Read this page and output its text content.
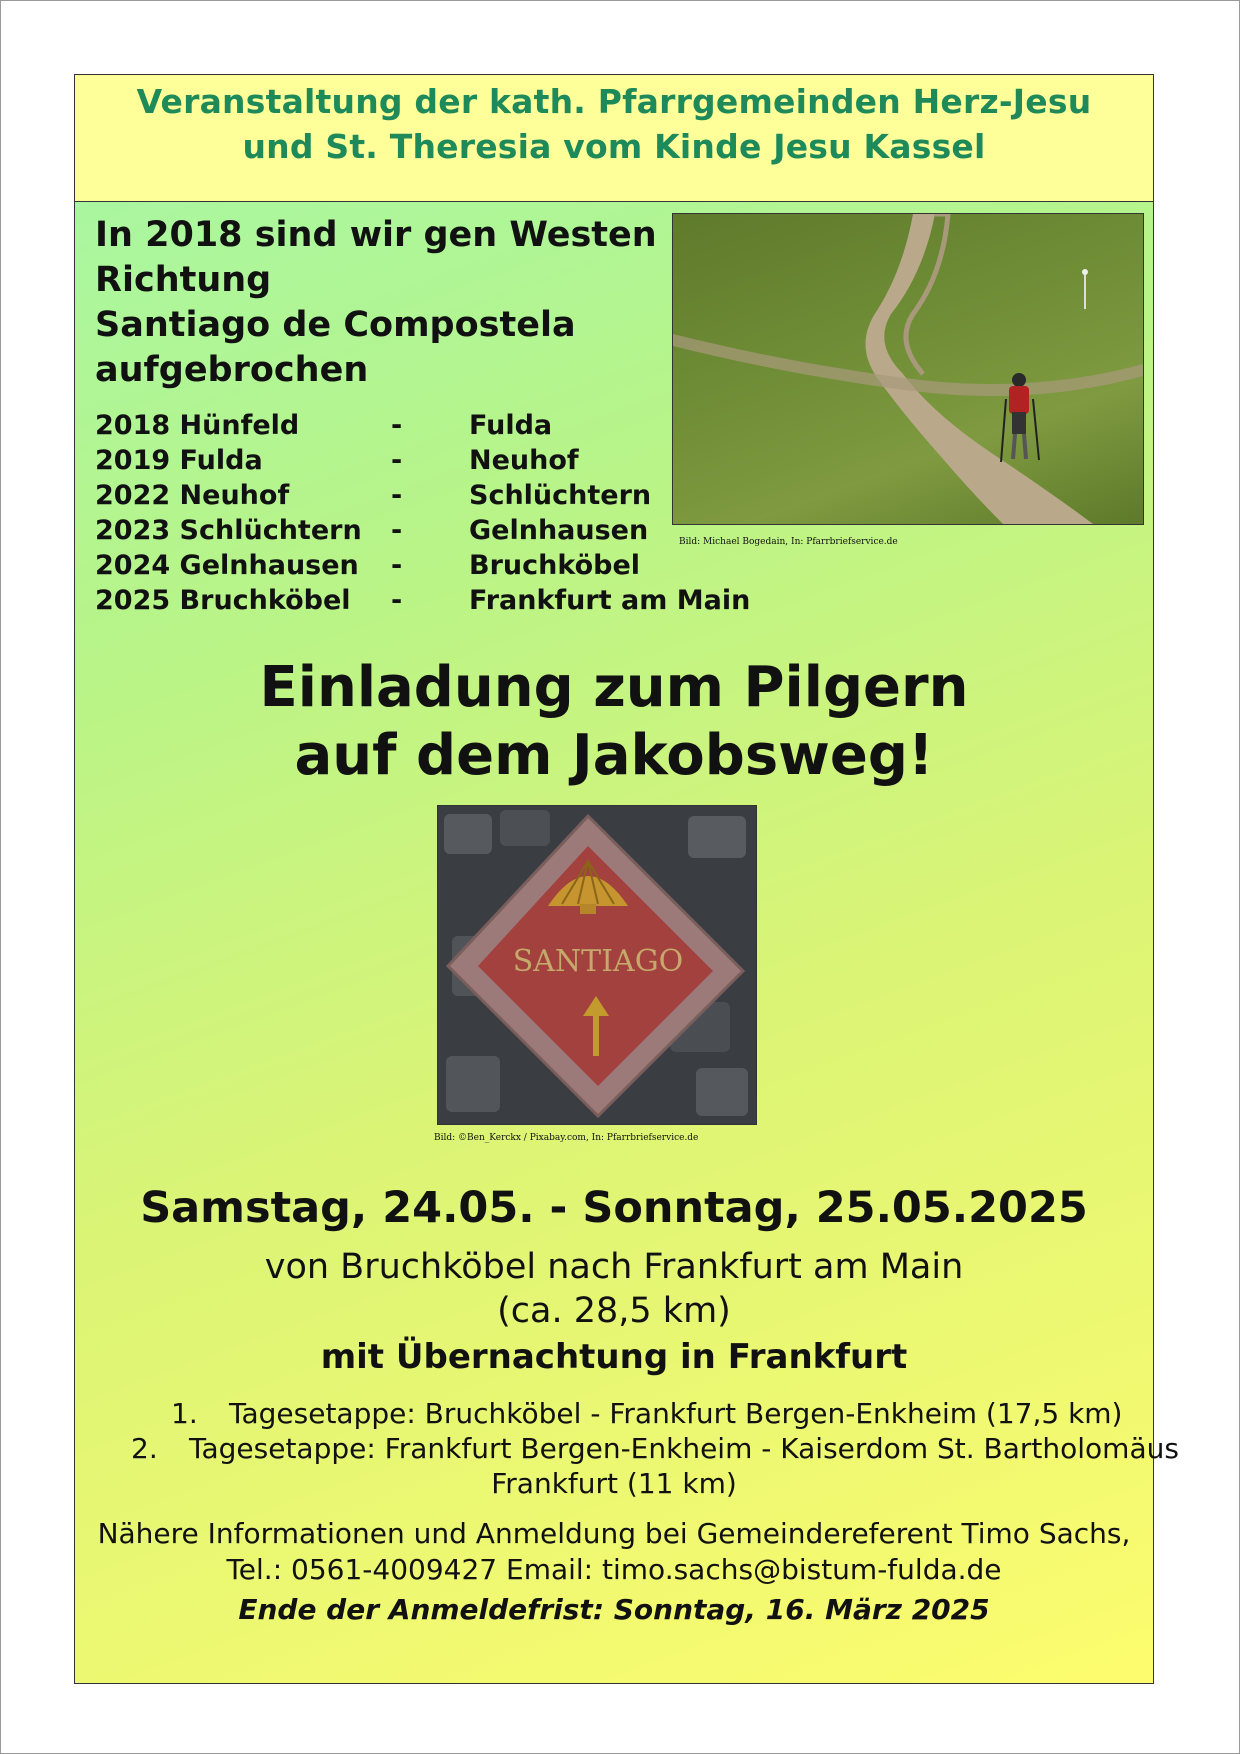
Veranstaltung der kath. Pfarrgemeinden Herz-Jesu
und St. Theresia vom Kinde Jesu Kassel
In 2018 sind wir gen Westen
Richtung
Santiago de Compostela
aufgebrochen
2018 Hünfeld	- Fulda
2019 Fulda	- Neuhof
2022 Neuhof	- Schlüchtern
2023 Schlüchtern - Gelnhausen
2024 Gelnhausen - Bruchköbel
2025 Bruchköbel - Frankfurt am Main
Bild: Michael Bogedain, In: Pfarrbriefservice.de
Einladung zum Pilgern
auf dem Jakobsweg!
SANTIAGO
Bild: ©Ben_Kerckx / Pixabay.com, In: Pfarrbriefservice.de
Samstag, 24.05. - Sonntag, 25.05.2025
von Bruchköbel nach Frankfurt am Main
(ca. 28,5 km)
mit Übernachtung in Frankfurt
1. Tagesetappe: Bruchköbel - Frankfurt Bergen-Enkheim (17,5 km)
2. Tagesetappe: Frankfurt Bergen-Enkheim - Kaiserdom St. Bartholomäus
Frankfurt (11 km)
Nähere Informationen und Anmeldung bei Gemeindereferent Timo Sachs,
Tel.: 0561-4009427 Email: timo.sachs@bistum-fulda.de
Ende der Anmeldefrist: Sonntag, 16. März 2025
